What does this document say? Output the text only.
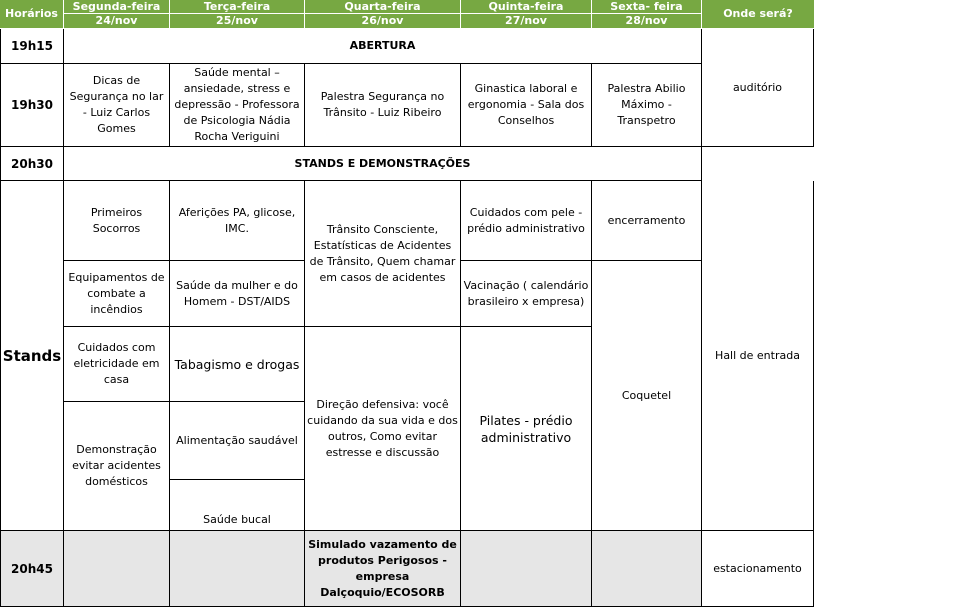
Horários
Segunda-feira
24/nov
Terça-feira
25/nov
Quarta-feira
26/nov
Quinta-feira
27/nov
Sexta- feira
28/nov
Onde será?
19h15	ABERTURA
19h30
Dicas de Segurança no lar - Luiz Carlos Gomes
Saúde mental – ansiedade, stress e depressão - Professora de Psicologia Nádia Rocha Veriguini
Palestra Segurança no Trânsito - Luiz Ribeiro
Ginastica laboral e ergonomia - Sala dos Conselhos
Palestra Abilio Máximo - Transpetro
auditório
20h30	STANDS E DEMONSTRAÇÕES
Stands
Primeiros Socorros
Equipamentos de combate a incêndios
Cuidados com eletricidade em casa
Demonstração evitar acidentes domésticos
Aferições PA, glicose, IMC.
Saúde da mulher e do Homem - DST/AIDS
Tabagismo e drogas
Alimentação saudável
Saúde bucal
Trânsito Consciente, Estatísticas de Acidentes de Trânsito, Quem chamar em casos de acidentes
Direção defensiva: você cuidando da sua vida e dos outros, Como evitar estresse e discussão
Cuidados com pele - prédio administrativo
Vacinação ( calendário brasileiro x empresa)
Pilates - prédio administrativo
encerramento
Coquetel
Hall de entrada
20h45
Simulado vazamento de produtos Perigosos - empresa Dalçoquio/ECOSORB
estacionamento
